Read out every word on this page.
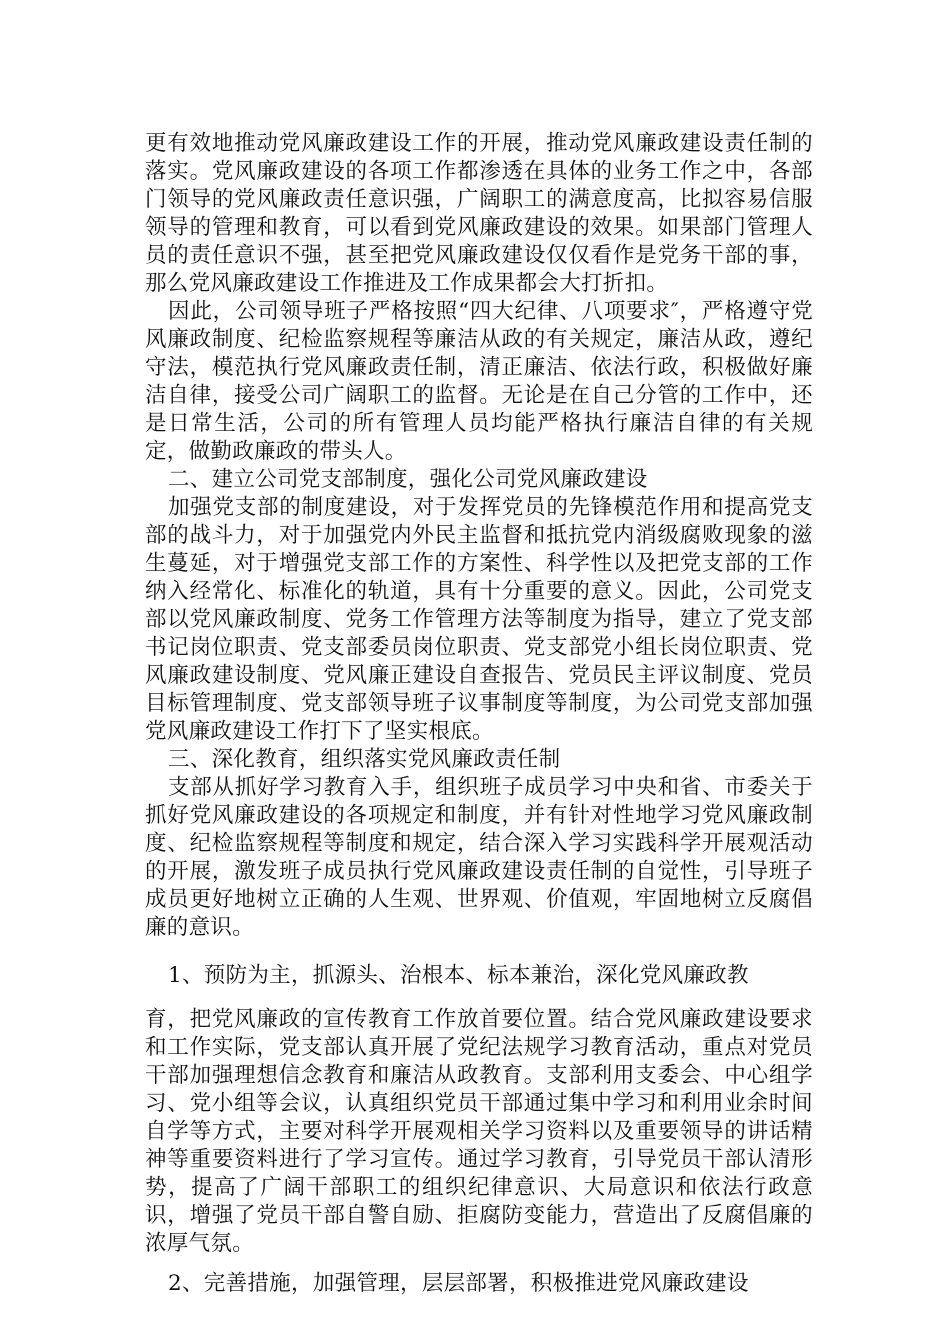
更有效地推动党风廉政建设工作的开展，推动党风廉政建设责任制的落实。党风廉政建设的各项工作都渗透在具体的业务工作之中，各部门领导的党风廉政责任意识强，广阔职工的满意度高，比拟容易信服领导的管理和教育，可以看到党风廉政建设的效果。如果部门管理人员的责任意识不强，甚至把党风廉政建设仅仅看作是党务干部的事，那么党风廉政建设工作推进及工作成果都会大打折扣。

因此，公司领导班子严格按照“四大纪律、八项要求″，严格遵守党风廉政制度、纪检监察规程等廉洁从政的有关规定，廉洁从政，遵纪守法，模范执行党风廉政责任制，清正廉洁、依法行政，积极做好廉洁自律，接受公司广阔职工的监督。无论是在自己分管的工作中，还是日常生活，公司的所有管理人员均能严格执行廉洁自律的有关规定，做勤政廉政的带头人。

二、建立公司党支部制度，强化公司党风廉政建设

加强党支部的制度建设，对于发挥党员的先锋模范作用和提高党支部的战斗力，对于加强党内外民主监督和抵抗党内消级腐败现象的滋生蔓延，对于增强党支部工作的方案性、科学性以及把党支部的工作纳入经常化、标准化的轨道，具有十分重要的意义。因此，公司党支部以党风廉政制度、党务工作管理方法等制度为指导，建立了党支部书记岗位职责、党支部委员岗位职责、党支部党小组长岗位职责、党风廉政建设制度、党风廉正建设自查报告、党员民主评议制度、党员目标管理制度、党支部领导班子议事制度等制度，为公司党支部加强党风廉政建设工作打下了坚实根底。

三、深化教育，组织落实党风廉政责任制

支部从抓好学习教育入手，组织班子成员学习中央和省、市委关于抓好党风廉政建设的各项规定和制度，并有针对性地学习党风廉政制度、纪检监察规程等制度和规定，结合深入学习实践科学开展观活动的开展，激发班子成员执行党风廉政建设责任制的自觉性，引导班子成员更好地树立正确的人生观、世界观、价值观，牢固地树立反腐倡廉的意识。

1、预防为主，抓源头、治根本、标本兼治，深化党风廉政教

育，把党风廉政的宣传教育工作放首要位置。结合党风廉政建设要求和工作实际，党支部认真开展了党纪法规学习教育活动，重点对党员干部加强理想信念教育和廉洁从政教育。支部利用支委会、中心组学习、党小组等会议，认真组织党员干部通过集中学习和利用业余时间自学等方式，主要对科学开展观相关学习资料以及重要领导的讲话精神等重要资料进行了学习宣传。通过学习教育，引导党员干部认清形势，提高了广阔干部职工的组织纪律意识、大局意识和依法行政意识，增强了党员干部自警自励、拒腐防变能力，营造出了反腐倡廉的浓厚气氛。

2、完善措施，加强管理，层层部署，积极推进党风廉政建设
